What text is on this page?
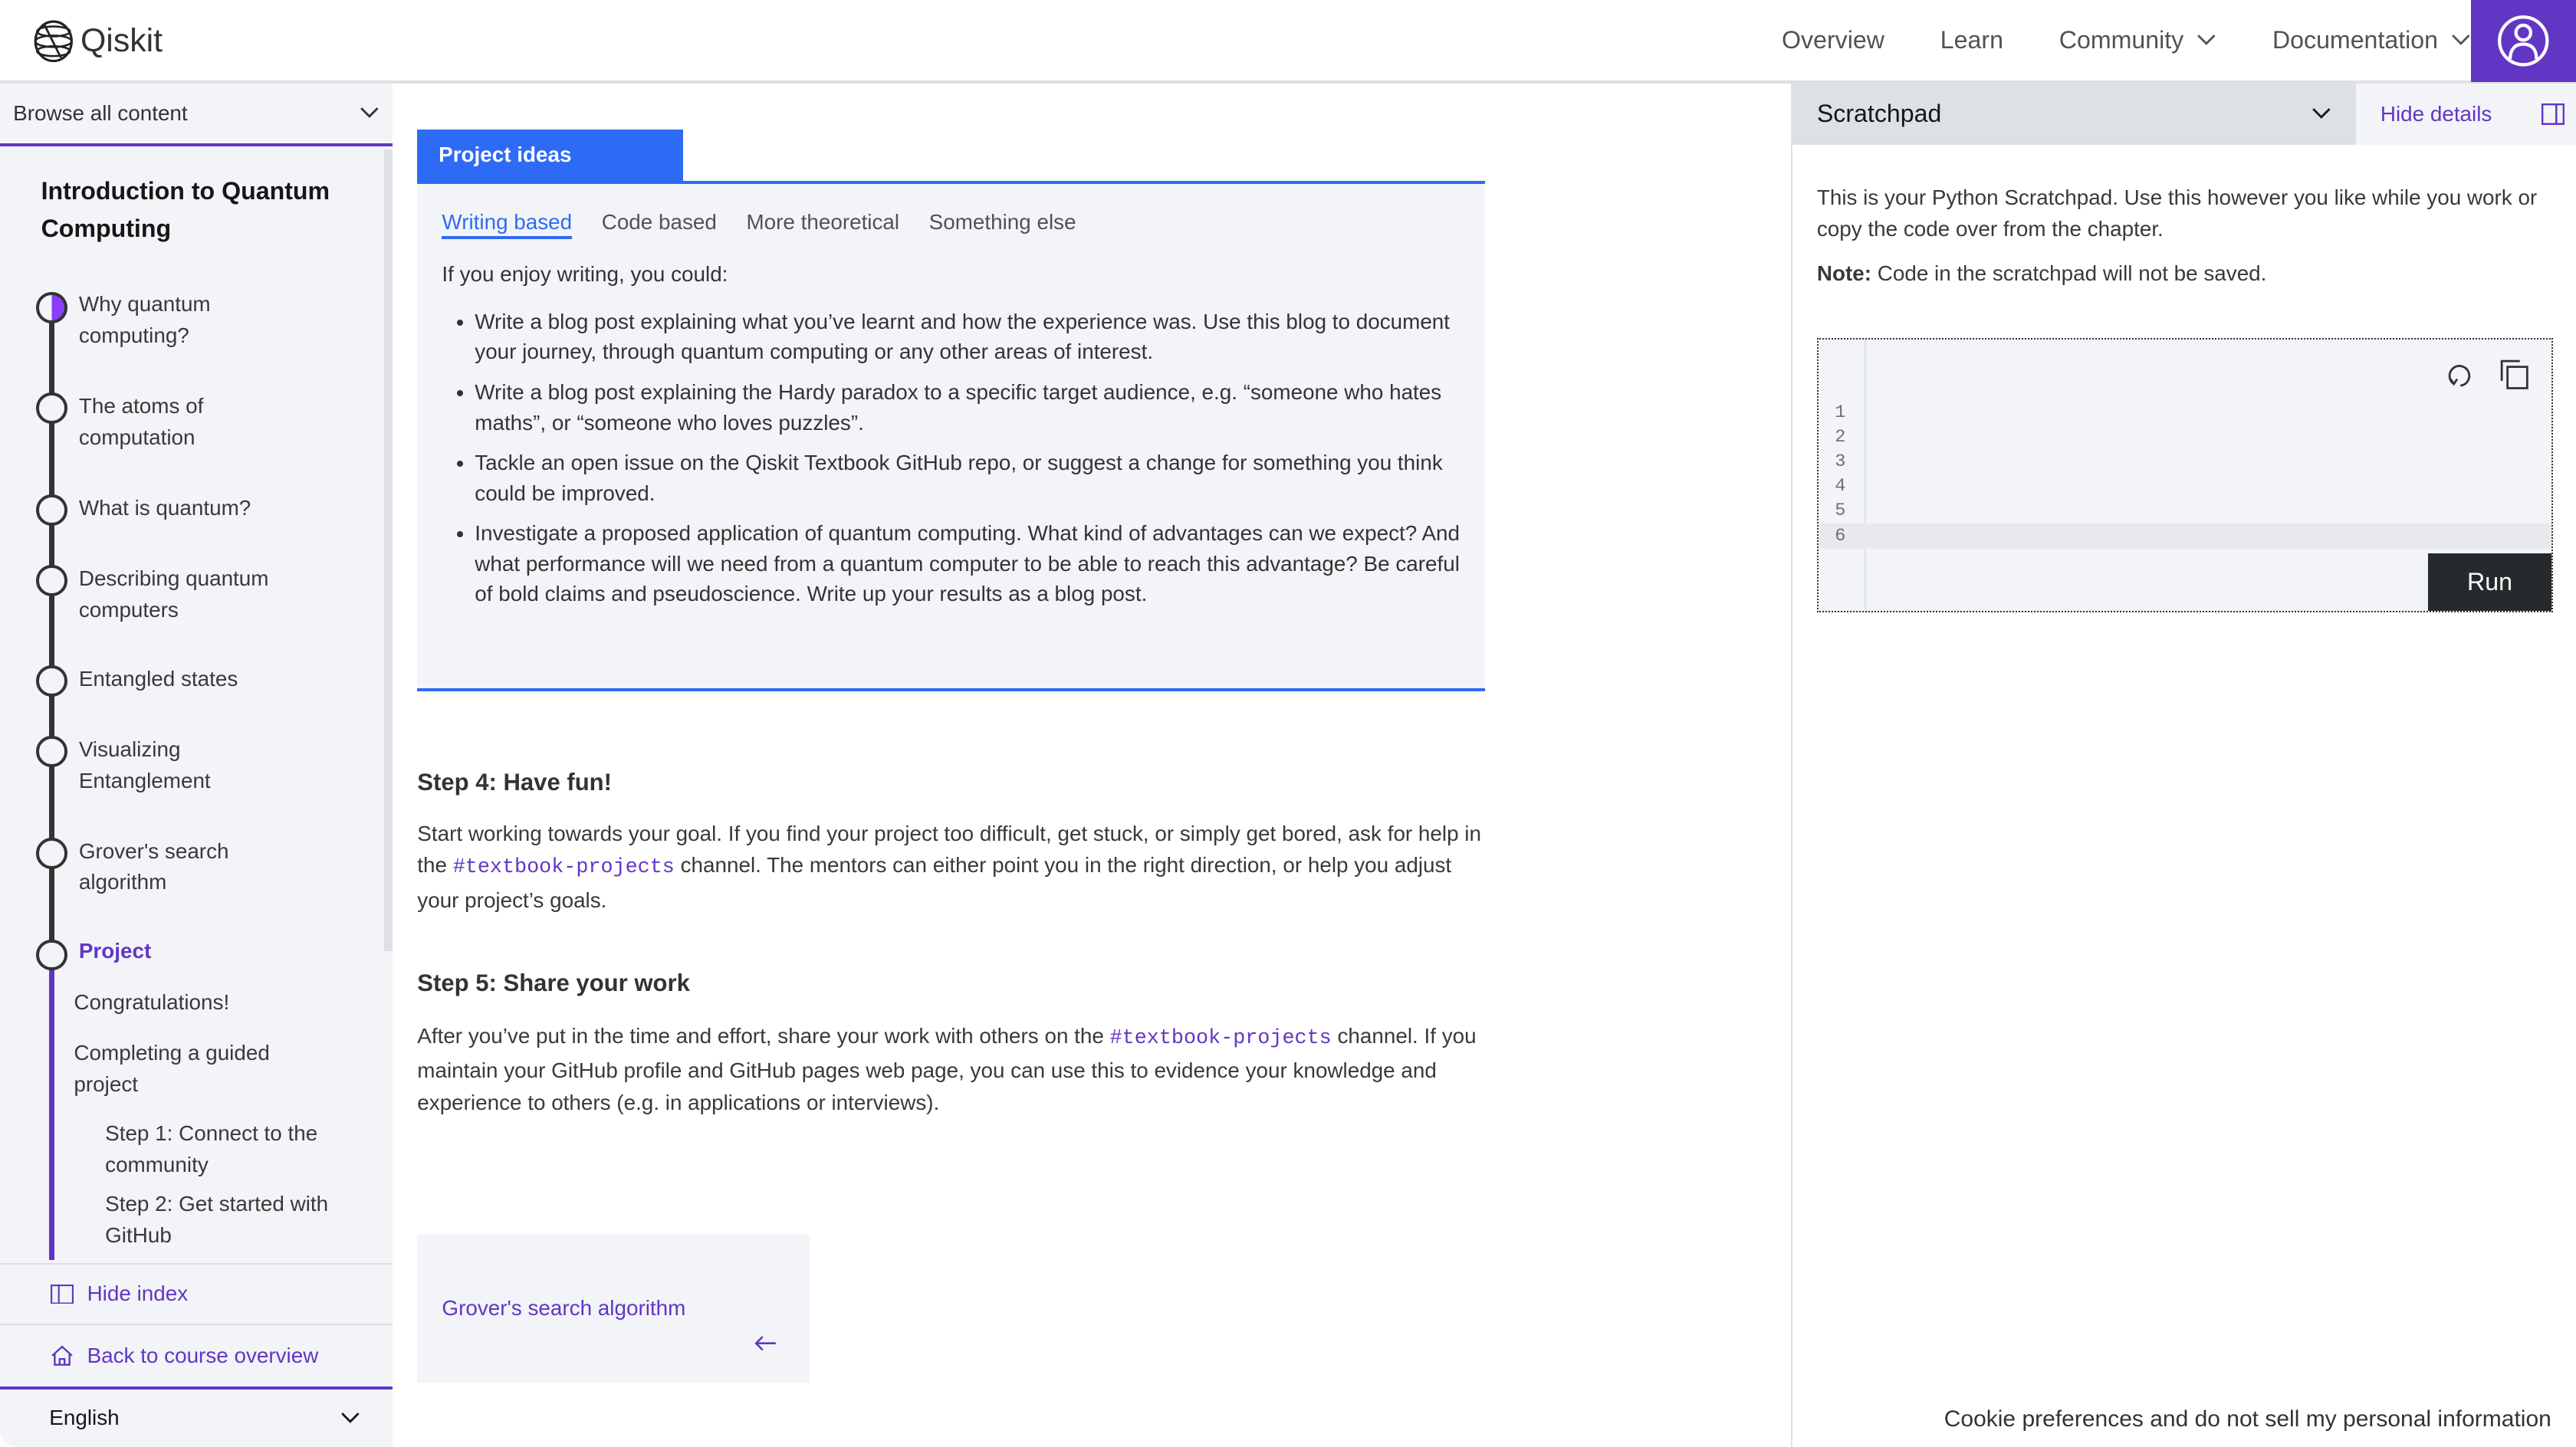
Qiskit	Overview	Learn	Community	Documentation
Browse all content
Introduction to Quantum Computing
Why quantum computing?
The atoms of computation
What is quantum?
Describing quantum computers
Entangled states
Visualizing Entanglement
Grover's search algorithm
Project
Congratulations!
Completing a guided project
Step 1: Connect to the community
Step 2: Get started with GitHub
Hide index
Back to course overview
English
Project ideas
Writing based	Code based	More theoretical	Something else

If you enjoy writing, you could:

• Write a blog post explaining what you’ve learnt and how the experience was. Use this blog to document your journey, through quantum computing or any other areas of interest.
• Write a blog post explaining the Hardy paradox to a specific target audience, e.g. “someone who hates maths”, or “someone who loves puzzles”.
• Tackle an open issue on the Qiskit Textbook GitHub repo, or suggest a change for something you think could be improved.
• Investigate a proposed application of quantum computing. What kind of advantages can we expect? And what performance will we need from a quantum computer to be able to reach this advantage? Be careful of bold claims and pseudoscience. Write up your results as a blog post.
Step 4: Have fun!
Start working towards your goal. If you find your project too difficult, get stuck, or simply get bored, ask for help in the #textbook-projects channel. The mentors can either point you in the right direction, or help you adjust your project’s goals.
Step 5: Share your work
After you’ve put in the time and effort, share your work with others on the #textbook-projects channel. If you maintain your GitHub profile and GitHub pages web page, you can use this to evidence your knowledge and experience to others (e.g. in applications or interviews).
Grover's search algorithm
Scratchpad	Hide details
This is your Python Scratchpad. Use this however you like while you work or copy the code over from the chapter.
Note: Code in the scratchpad will not be saved.
1
2
3
4
5
6
Run
Cookie preferences and do not sell my personal information
